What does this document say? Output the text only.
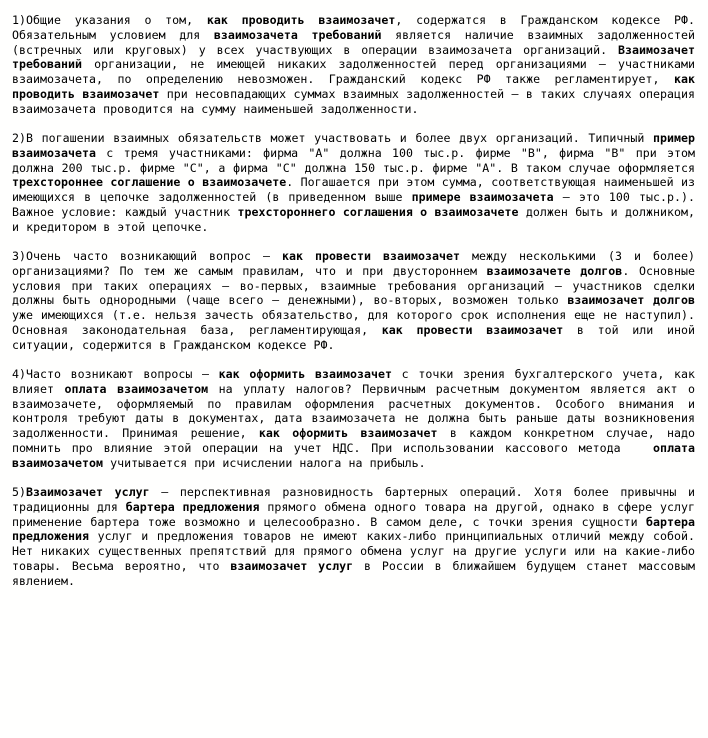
1)Общие указания о том, как проводить взаимозачет, содержатся в Гражданском кодексе РФ. Обязательным условием для взаимозачета требований является наличие взаимных задолженностей (встречных или круговых) у всех участвующих в операции взаимозачета организаций. Взаимозачет требований организации, не имеющей никаких задолженностей перед организациями – участниками взаимозачета, по определению невозможен. Гражданский кодекс РФ также регламентирует, как проводить взаимозачет при несовпадающих суммах взаимных задолженностей – в таких случаях операция взаимозачета проводится на сумму наименьшей задолженности.

2)В погашении взаимных обязательств может участвовать и более двух организаций. Типичный пример взаимозачета с тремя участниками: фирма "A" должна 100 тыс.р. фирме "B", фирма "B" при этом должна 200 тыс.р. фирме "C", а фирма "C" должна 150 тыс.р. фирме "A". В таком случае оформляется трехстороннее соглашение о взаимозачете. Погашается при этом сумма, соответствующая наименьшей из имеющихся в цепочке задолженностей (в приведенном выше примере взаимозачета – это 100 тыс.р.). Важное условие: каждый участник трехстороннего соглашения о взаимозачете должен быть и должником, и кредитором в этой цепочке.

3)Очень часто возникающий вопрос – как провести взаимозачет между несколькими (3 и более) организациями? По тем же самым правилам, что и при двустороннем взаимозачете долгов. Основные условия при таких операциях – во-первых, взаимные требования организаций – участников сделки должны быть однородными (чаще всего – денежными), во-вторых, возможен только взаимозачет долгов уже имеющихся (т.е. нельзя зачесть обязательство, для которого срок исполнения еще не наступил). Основная законодательная база, регламентирующая, как провести взаимозачет в той или иной ситуации, содержится в Гражданском кодексе РФ.

4)Часто возникают вопросы – как оформить взаимозачет с точки зрения бухгалтерского учета, как влияет оплата взаимозачетом на уплату налогов? Первичным расчетным документом является акт о взаимозачете, оформляемый по правилам оформления расчетных документов. Особого внимания и контроля требуют даты в документах, дата взаимозачета не должна быть раньше даты возникновения задолженности. Принимая решение, как оформить взаимозачет в каждом конкретном случае, надо помнить про влияние этой операции на учет НДС. При использовании кассового метода   оплата взаимозачетом учитывается при исчислении налога на прибыль.

5)Взаимозачет услуг – перспективная разновидность бартерных операций. Хотя более привычны и традиционны для бартера предложения прямого обмена одного товара на другой, однако в сфере услуг применение бартера тоже возможно и целесообразно. В самом деле, с точки зрения сущности бартера предложения услуг и предложения товаров не имеют каких-либо принципиальных отличий между собой. Нет никаких существенных препятствий для прямого обмена услуг на другие услуги или на какие-либо товары. Весьма вероятно, что взаимозачет услуг в России в ближайшем будущем станет массовым явлением.
